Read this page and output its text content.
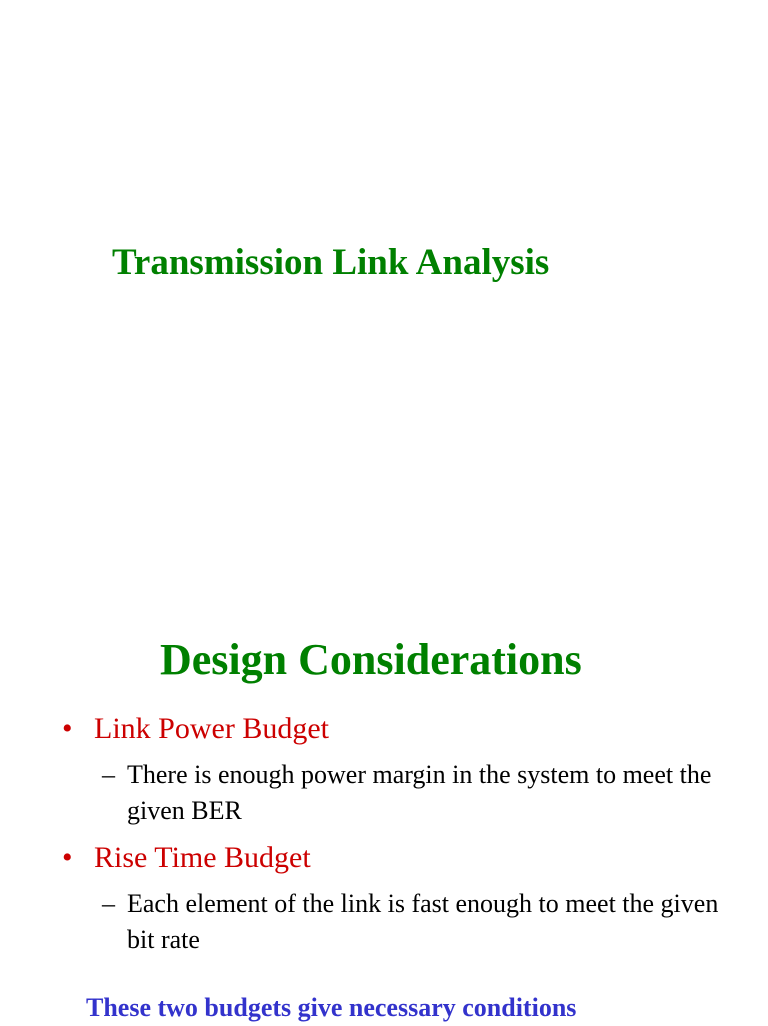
Transmission Link Analysis
Design Considerations
• Link Power Budget
– There is enough power margin in the system to meet the given BER
• Rise Time Budget
– Each element of the link is fast enough to meet the given bit rate
These two budgets give necessary conditions
